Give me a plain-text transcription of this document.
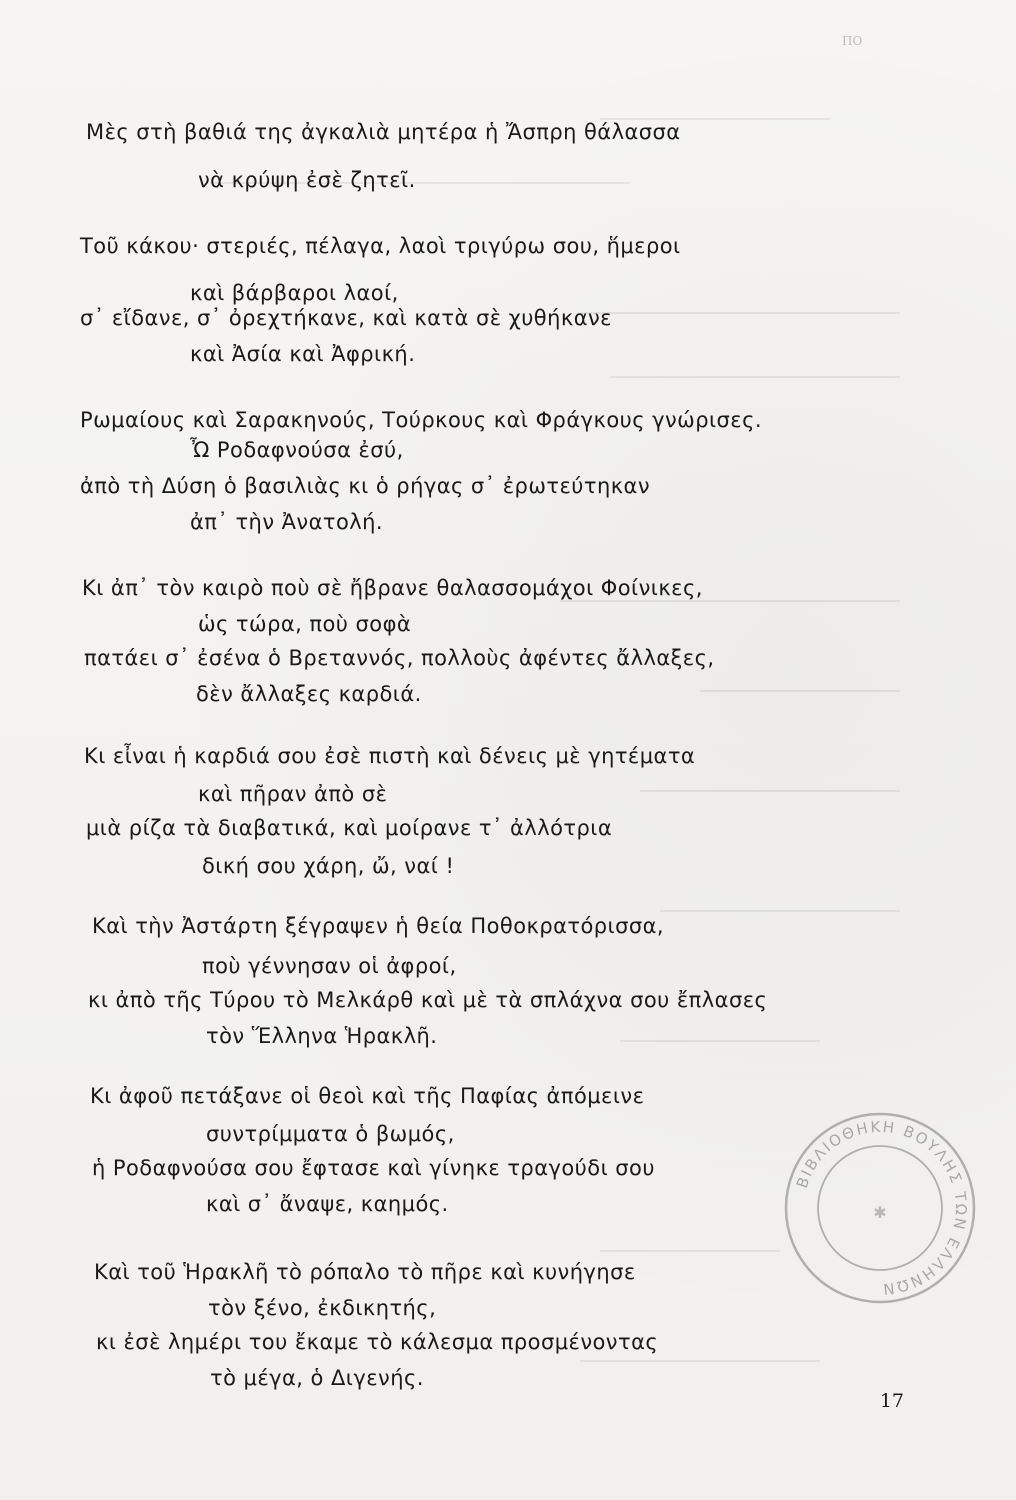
ΠΟ
Μὲς στὴ βαθιά της ἀγκαλιὰ μητέρα ἡ Ἄσπρη θάλασσα
νὰ κρύψη ἐσὲ ζητεῖ.
Τοῦ κάκου· στεριές, πέλαγα, λαοὶ τριγύρω σου, ἥμεροι
καὶ βάρβαροι λαοί,
σ᾽ εἴδανε, σ᾽ ὀρεχτήκανε, καὶ κατὰ σὲ χυθήκανε
καὶ Ἀσία καὶ Ἀφρική.
Ρωμαίους καὶ Σαρακηνούς, Τούρκους καὶ Φράγκους γνώρισες.
Ὦ Ροδαφνούσα ἐσύ,
ἀπὸ τὴ Δύση ὁ βασιλιὰς κι ὁ ρήγας σ᾽ ἐρωτεύτηκαν
ἀπ᾽ τὴν Ἀνατολή.
Κι ἀπ᾽ τὸν καιρὸ ποὺ σὲ ἤβρανε θαλασσομάχοι Φοίνικες,
ὡς τώρα, ποὺ σοφὰ
πατάει σ᾽ ἐσένα ὁ Βρεταννός, πολλοὺς ἀφέντες ἄλλαξες,
δὲν ἄλλαξες καρδιά.
Κι εἶναι ἡ καρδιά σου ἐσὲ πιστὴ καὶ δένεις μὲ γητέματα
καὶ πῆραν ἀπὸ σὲ
μιὰ ρίζα τὰ διαβατικά, καὶ μοίρανε τ᾽ ἀλλότρια
δική σου χάρη, ὤ, ναί !
Καὶ τὴν Ἀστάρτη ξέγραψεν ἡ θεία Ποθοκρατόρισσα,
ποὺ γέννησαν οἱ ἀφροί,
κι ἀπὸ τῆς Τύρου τὸ Μελκάρθ καὶ μὲ τὰ σπλάχνα σου ἔπλασες
τὸν Ἕλληνα Ἡρακλῆ.
Κι ἀφοῦ πετάξανε οἱ θεοὶ καὶ τῆς Παφίας ἀπόμεινε
συντρίμματα ὁ βωμός,
ἡ Ροδαφνούσα σου ἔφτασε καὶ γίνηκε τραγούδι σου
καὶ σ᾽ ἄναψε, καημός.
Καὶ τοῦ Ἡρακλῆ τὸ ρόπαλο τὸ πῆρε καὶ κυνήγησε
τὸν ξένο, ἐκδικητής,
κι ἐσὲ λημέρι του ἔκαμε τὸ κάλεσμα προσμένοντας
τὸ μέγα, ὁ Διγενής.
ΒΙΒΛΙΟΘΗΚΗ ΒΟΥΛΗΣ ΤΩΝ ΕΛΛΗΝΩΝ
✱
17
